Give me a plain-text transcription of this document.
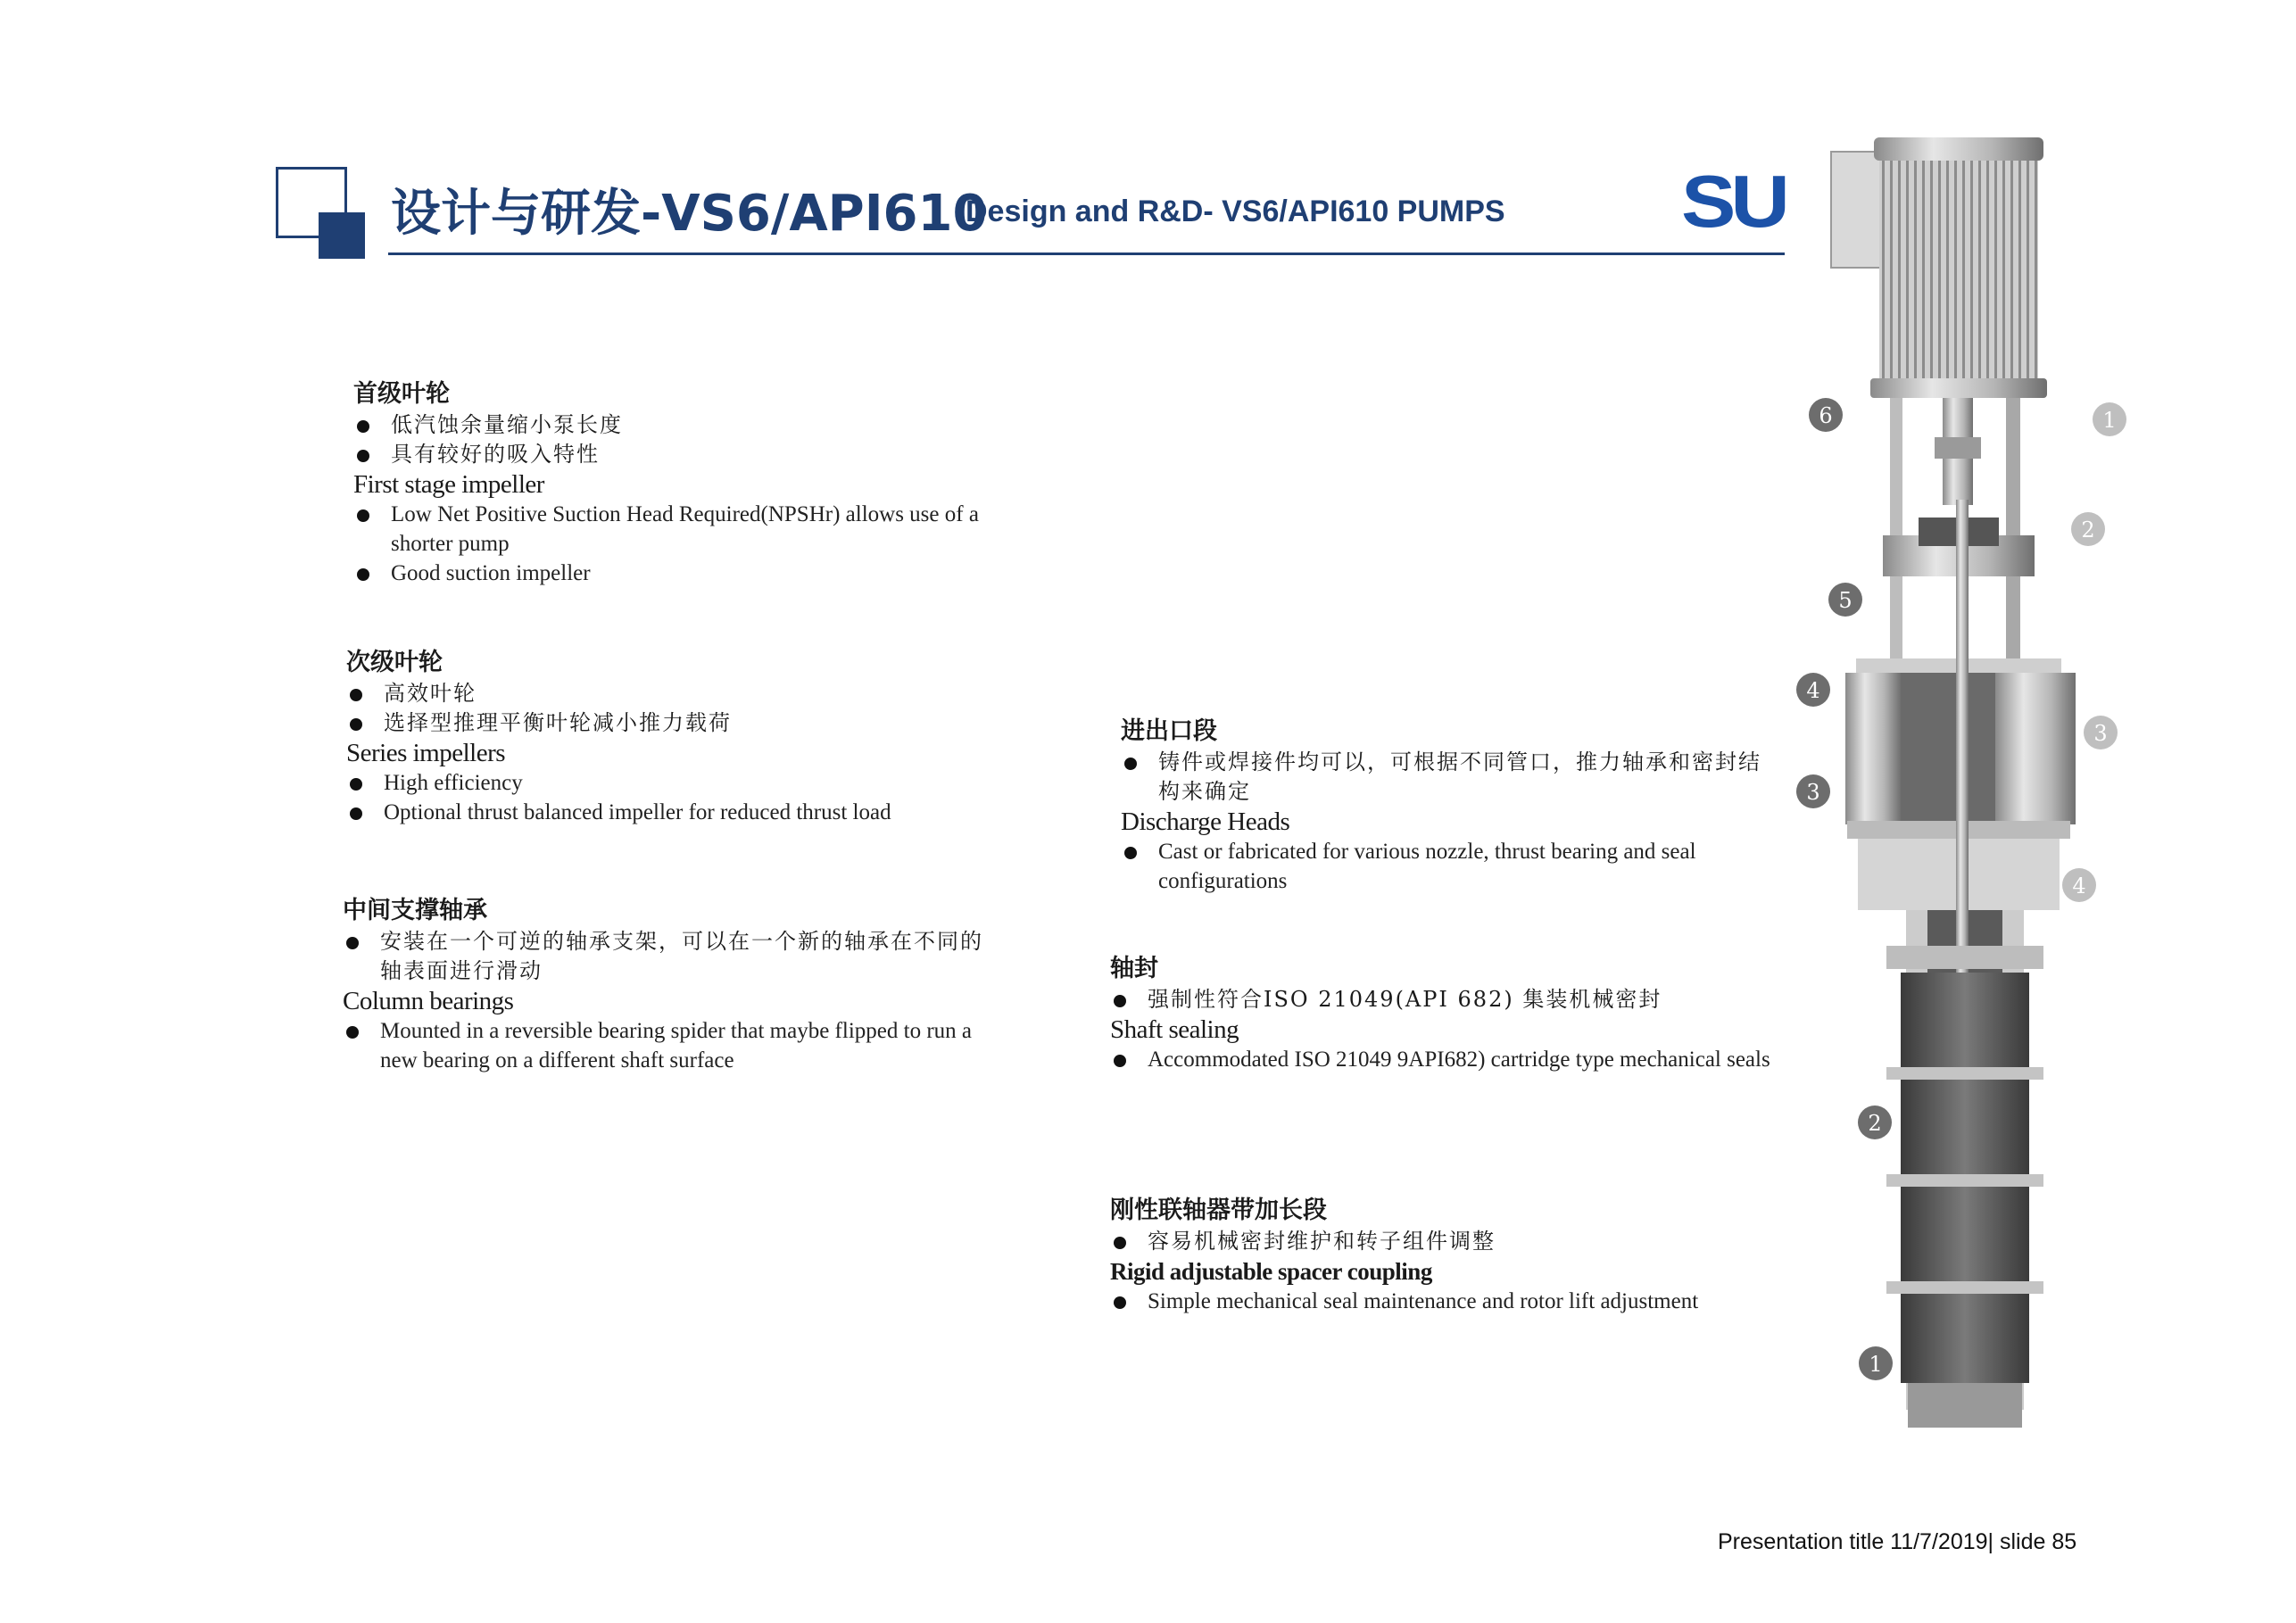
设计与研发-VS6/API610
Design and R&D- VS6/API610 PUMPS SU
首级叶轮
低汽蚀余量缩小泵长度
具有较好的吸入特性
First stage impeller
Low Net Positive Suction Head Required(NPSHr) allows use of a shorter pump
Good suction impeller
次级叶轮
高效叶轮
选择型推理平衡叶轮减小推力载荷
Series impellers
High efficiency
Optional thrust balanced impeller for reduced thrust load
中间支撑轴承
安装在一个可逆的轴承支架，可以在一个新的轴承在不同的轴表面进行滑动
Column bearings
Mounted in a reversible bearing spider that maybe flipped to run a new bearing on a different shaft surface
进出口段
铸件或焊接件均可以，可根据不同管口，推力轴承和密封结构来确定
Discharge Heads
Cast or fabricated for various nozzle, thrust bearing and seal configurations
轴封
强制性符合ISO 21049(API 682) 集装机械密封
Shaft sealing
Accommodated ISO 21049 9API682) cartridge type mechanical seals
刚性联轴器带加长段
容易机械密封维护和转子组件调整
Rigid adjustable spacer coupling
Simple mechanical seal maintenance and rotor lift adjustment
6
5
4
3
2
1
1
2
3
4
Presentation title 11/7/2019| slide 85
